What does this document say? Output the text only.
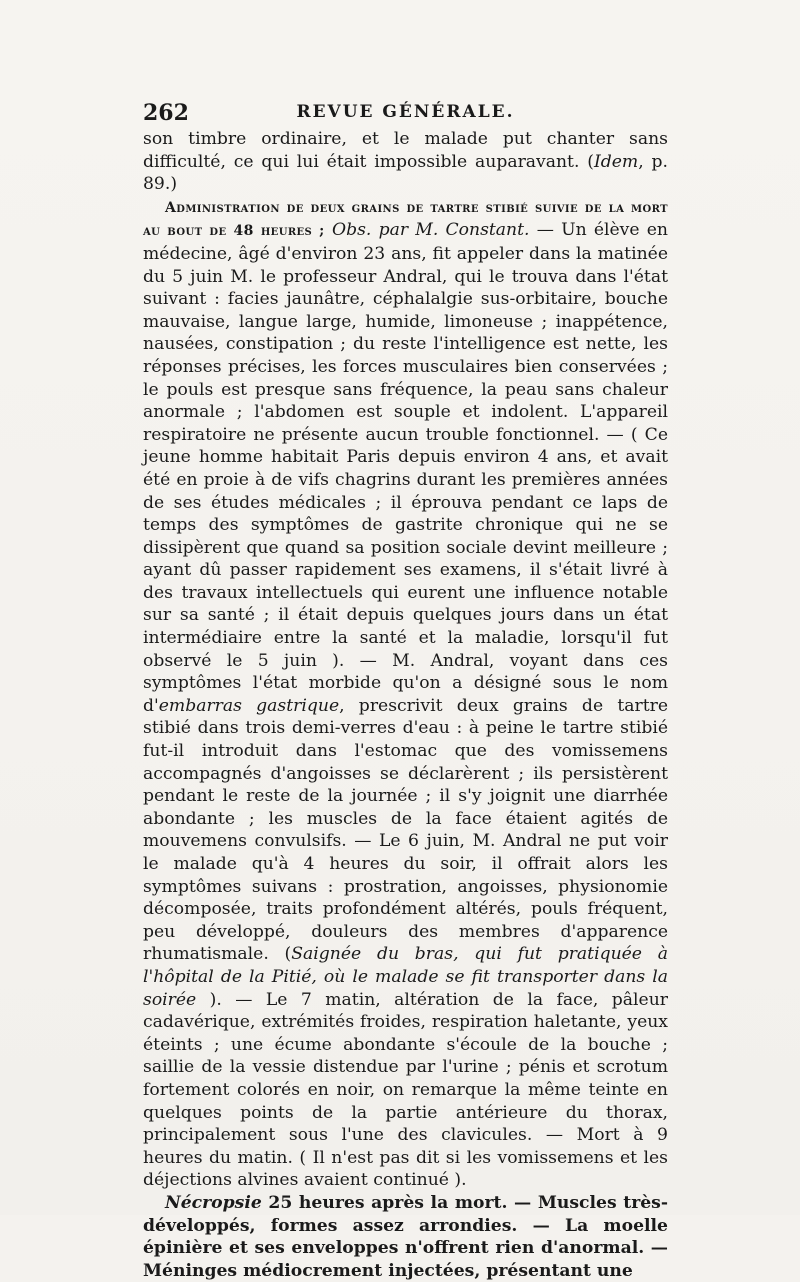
262	REVUE GÉNÉRALE.

son timbre ordinaire, et le malade put chanter sans difficulté, ce qui lui était impossible auparavant. (Idem, p. 89.)

Administration de deux grains de tartre stibié suivie de la mort au bout de 48 heures ; Obs. par M. Constant. — Un élève en médecine, âgé d'environ 23 ans, fit appeler dans la matinée du 5 juin M. le professeur Andral, qui le trouva dans l'état suivant : facies jaunâtre, céphalalgie sus-orbitaire, bouche mauvaise, langue large, humide, limoneuse ; inappétence, nausées, constipation ; du reste l'intelligence est nette, les réponses précises, les forces musculaires bien conservées ; le pouls est presque sans fréquence, la peau sans chaleur anormale ; l'abdomen est souple et indolent. L'appareil respiratoire ne présente aucun trouble fonctionnel. — ( Ce jeune homme habitait Paris depuis environ 4 ans, et avait été en proie à de vifs chagrins durant les premières années de ses études médicales ; il éprouva pendant ce laps de temps des symptômes de gastrite chronique qui ne se dissipèrent que quand sa position sociale devint meilleure ; ayant dû passer rapidement ses examens, il s'était livré à des travaux intellectuels qui eurent une influence notable sur sa santé ; il était depuis quelques jours dans un état intermédiaire entre la santé et la maladie, lorsqu'il fut observé le 5 juin ). — M. Andral, voyant dans ces symptômes l'état morbide qu'on a désigné sous le nom d'embarras gastrique, prescrivit deux grains de tartre stibié dans trois demi-verres d'eau : à peine le tartre stibié fut-il introduit dans l'estomac que des vomissemens accompagnés d'angoisses se déclarèrent ; ils persistèrent pendant le reste de la journée ; il s'y joignit une diarrhée abondante ; les muscles de la face étaient agités de mouvemens convulsifs. — Le 6 juin, M. Andral ne put voir le malade qu'à 4 heures du soir, il offrait alors les symptômes suivans : prostration, angoisses, physionomie décomposée, traits profondément altérés, pouls fréquent, peu développé, douleurs des membres d'apparence rhumatismale. (Saignée du bras, qui fut pratiquée à l'hôpital de la Pitié, où le malade se fit transporter dans la soirée ). — Le 7 matin, altération de la face, pâleur cadavérique, extrémités froides, respiration haletante, yeux éteints ; une écume abondante s'écoule de la bouche ; saillie de la vessie distendue par l'urine ; pénis et scrotum fortement colorés en noir, on remarque la même teinte en quelques points de la partie antérieure du thorax, principalement sous l'une des clavicules. — Mort à 9 heures du matin. ( Il n'est pas dit si les vomissemens et les déjections alvines avaient continué ).

Nécropsie 25 heures après la mort. — Muscles très-développés, formes assez arrondies. — La moelle épinière et ses enveloppes n'offrent rien d'anormal. — Méninges médiocrement injectées, présentant une
